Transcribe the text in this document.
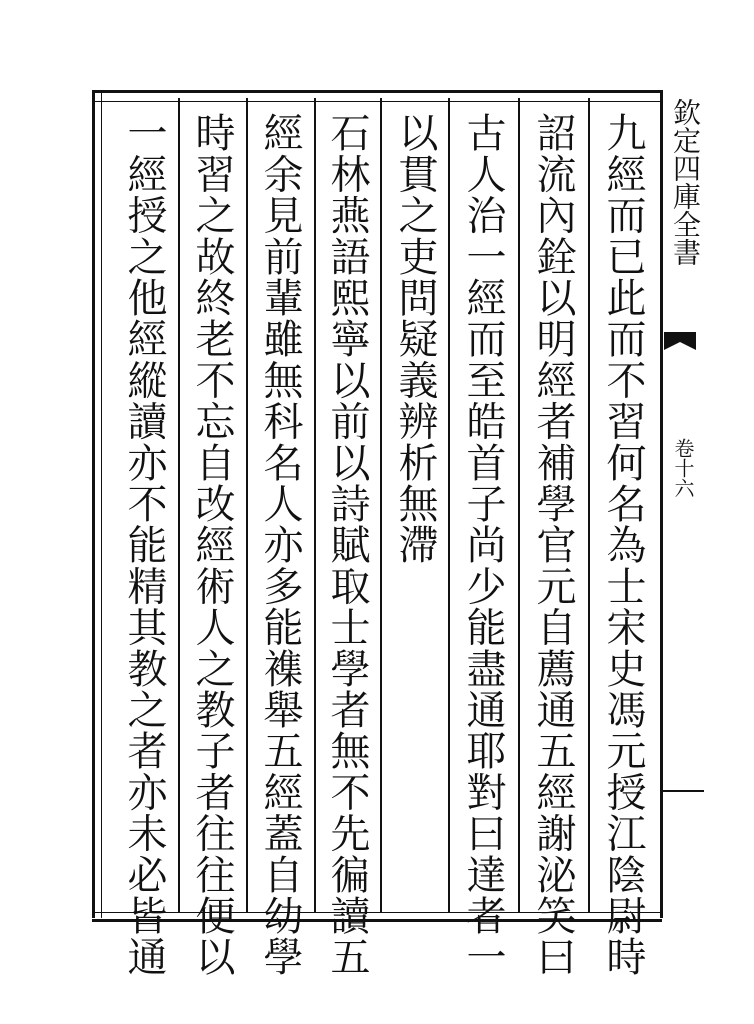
九經而已此而不習何名為士宋史馮元授江陰尉時
詔流內銓以明經者補學官元自薦通五經謝泌笑曰
古人治一經而至皓首子尚少能盡通耶對曰達者一
以貫之吏問疑義辨析無滯
石林燕語熙寧以前以詩賦取士學者無不先徧讀五
經余見前輩雖無科名人亦多能襍舉五經蓋自幼學
時習之故終老不忘自改經術人之教子者往往便以
一經授之他經縱讀亦不能精其教之者亦未必皆通	欽定四庫全書
卷十六
